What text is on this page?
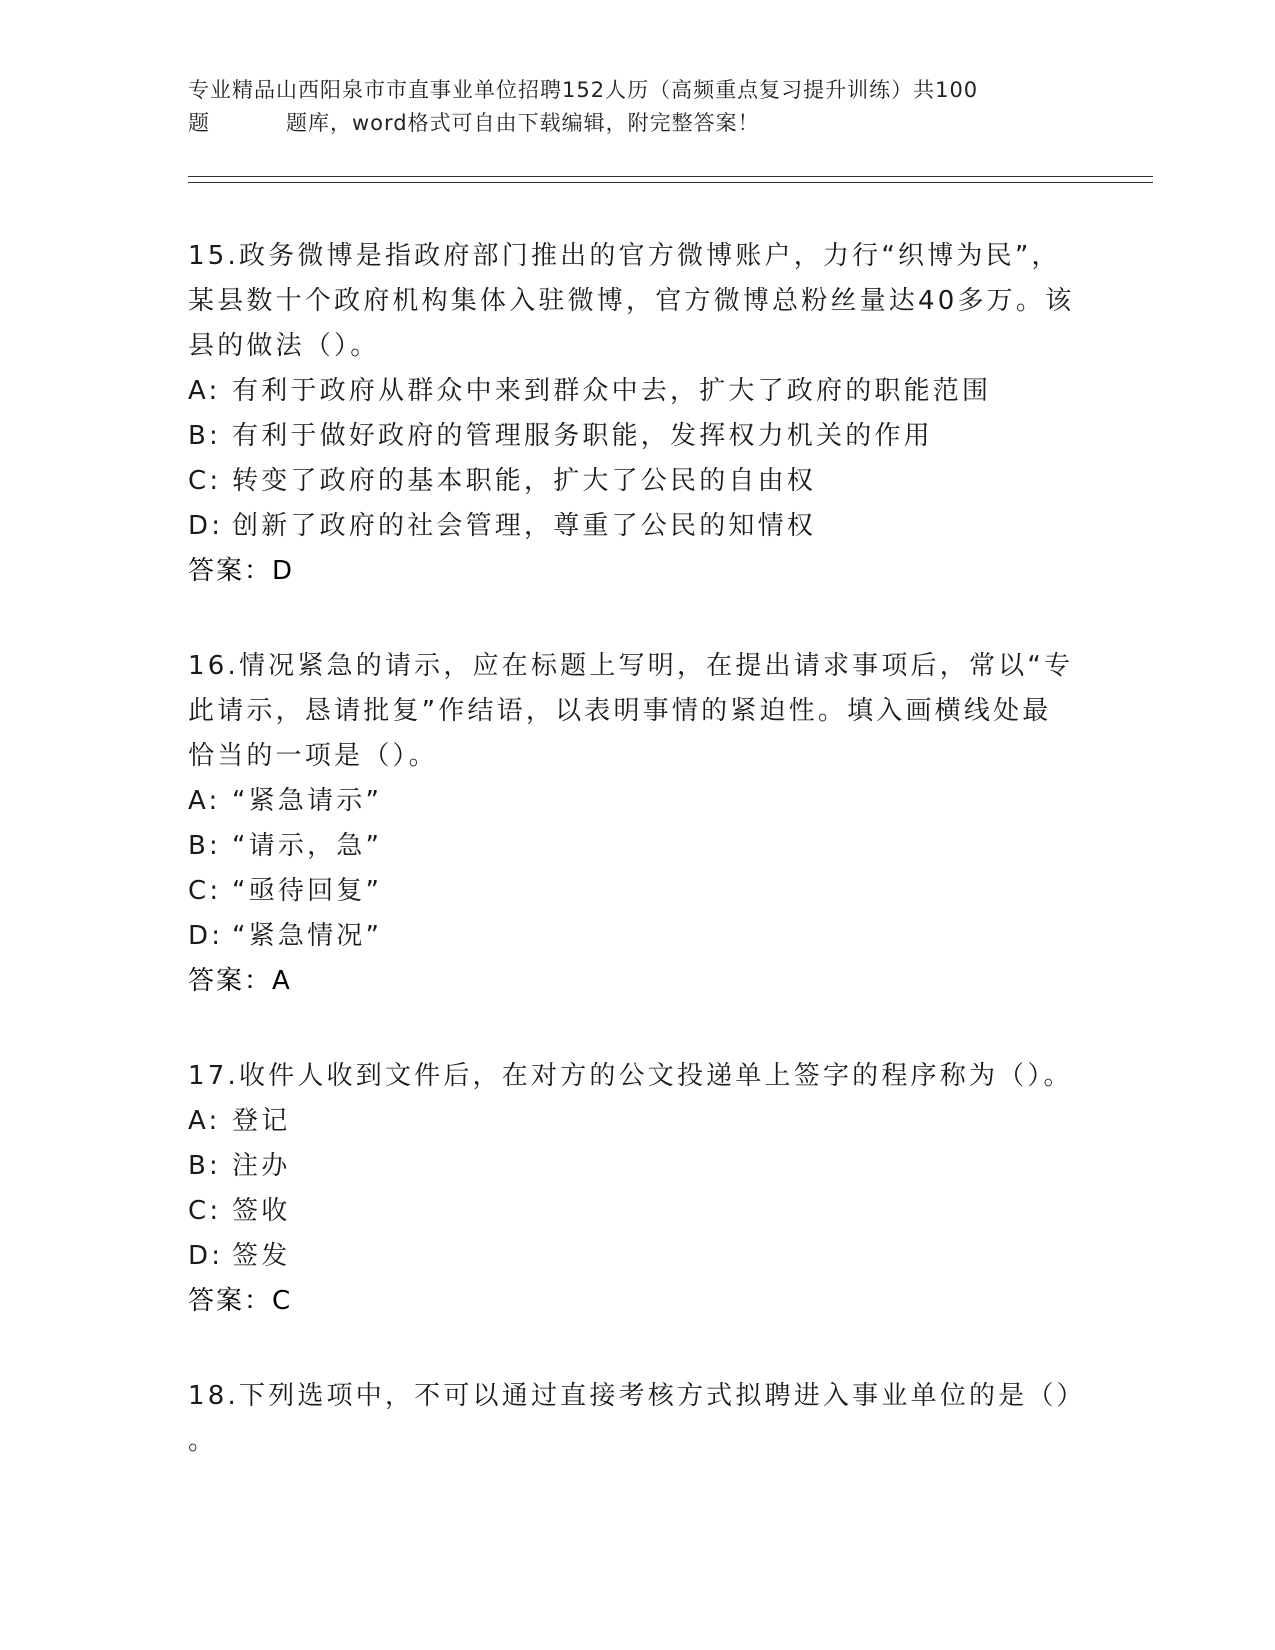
专业精品山西阳泉市市直事业单位招聘152人历（高频重点复习提升训练）共100
题	题库，word格式可自由下载编辑，附完整答案！

15.政务微博是指政府部门推出的官方微博账户，力行“织博为民”，

某县数十个政府机构集体入驻微博，官方微博总粉丝量达40多万。该

县的做法（）。

A: 有利于政府从群众中来到群众中去，扩大了政府的职能范围
B: 有利于做好政府的管理服务职能，发挥权力机关的作用
C: 转变了政府的基本职能，扩大了公民的自由权
D: 创新了政府的社会管理，尊重了公民的知情权

答案：D

16.情况紧急的请示，应在标题上写明，在提出请求事项后，常以“专

此请示，恳请批复”作结语，以表明事情的紧迫性。填入画横线处最

恰当的一项是（）。

A: “紧急请示”
B: “请示，急”
C: “亟待回复”
D: “紧急情况”

答案：A

17.收件人收到文件后，在对方的公文投递单上签字的程序称为（）。

A: 登记
B: 注办
C: 签收
D: 签发

答案：C

18.下列选项中，不可以通过直接考核方式拟聘进入事业单位的是（）

。
